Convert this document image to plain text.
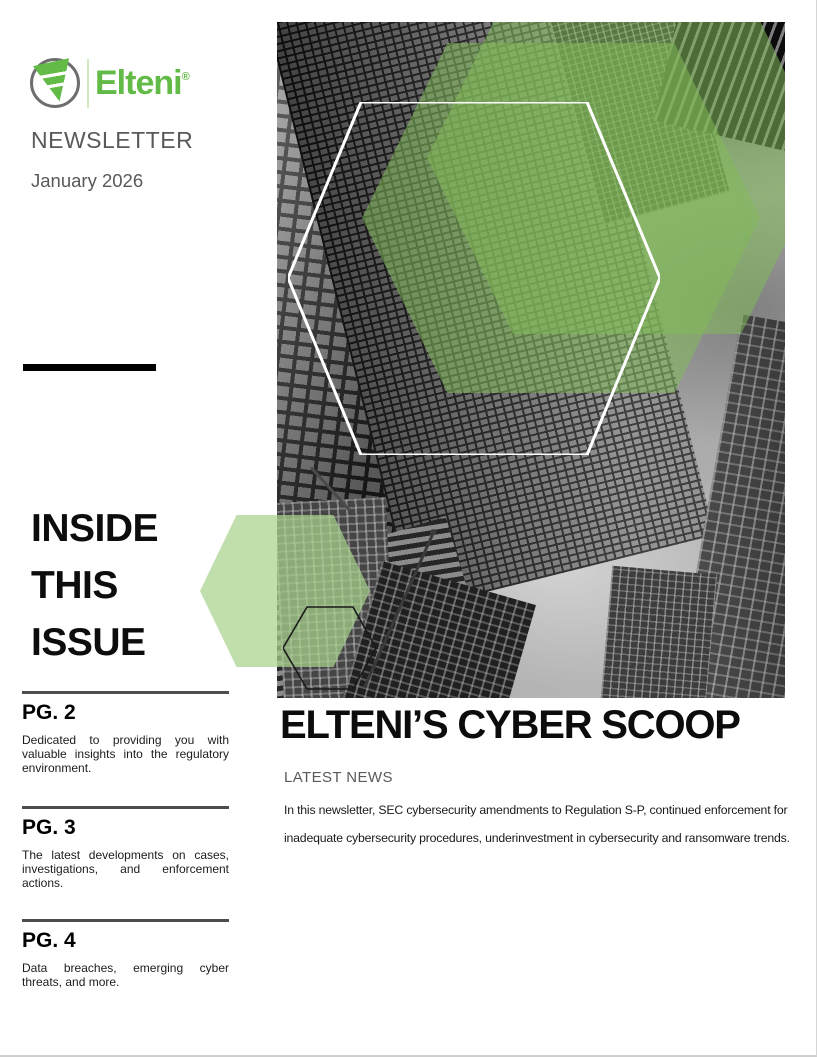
Elteni®
NEWSLETTER
January 2026
INSIDE
THIS
ISSUE
PG. 2
Dedicated to providing you with valuable insights into the regulatory environment.
PG. 3
The latest developments on cases, investigations, and enforcement actions.
PG. 4
Data breaches, emerging cyber threats, and more.
ELTENI’S CYBER SCOOP
LATEST NEWS
In this newsletter, SEC cybersecurity amendments to Regulation S-P, continued enforcement for inadequate cybersecurity procedures, underinvestment in cybersecurity and ransomware trends.
